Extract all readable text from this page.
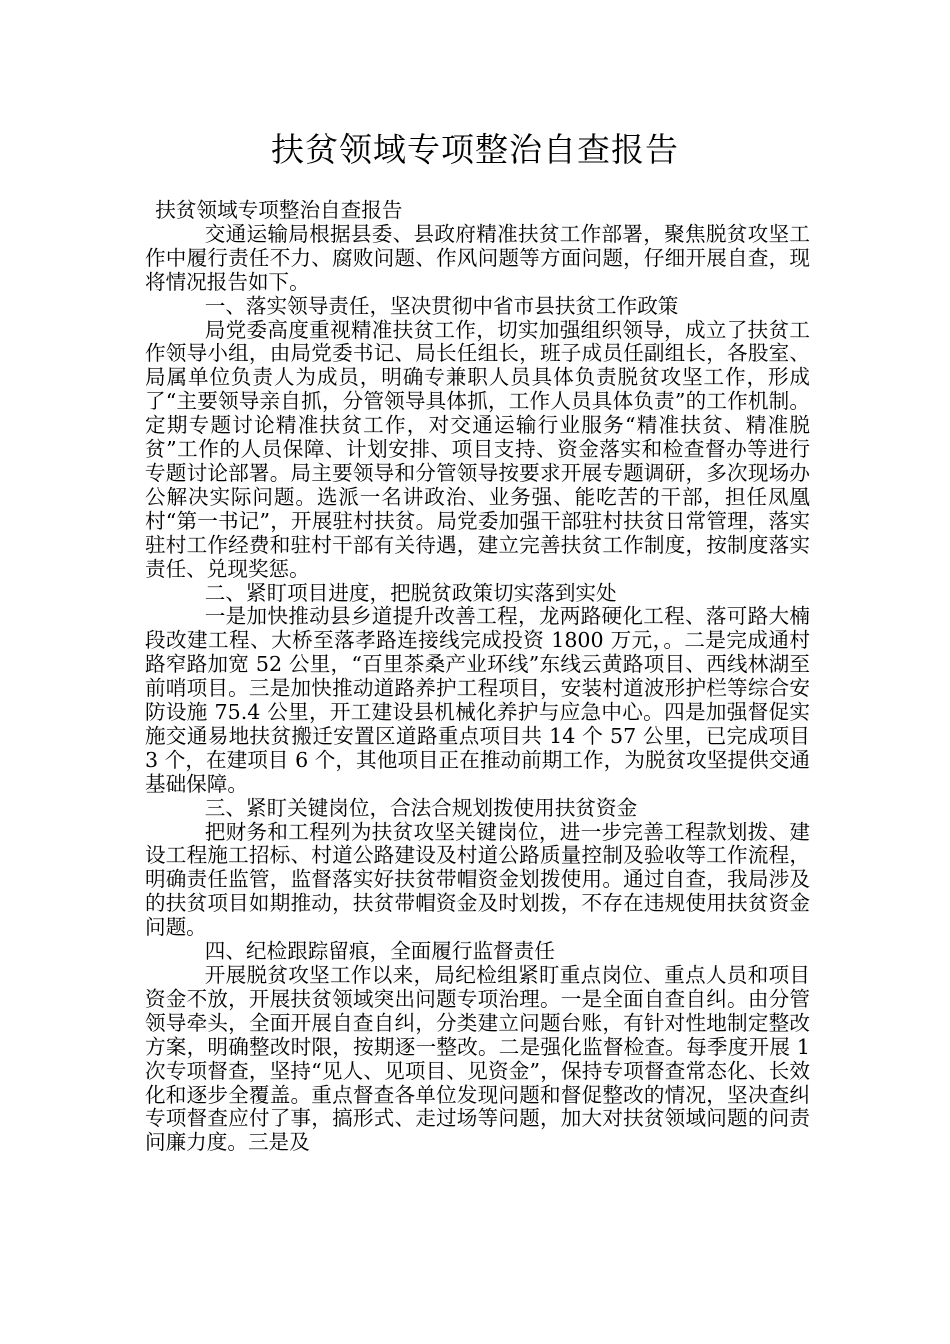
扶贫领域专项整治自查报告

扶贫领域专项整治自查报告

交通运输局根据县委、县政府精准扶贫工作部署，聚焦脱贫攻坚工作中履行责任不力、腐败问题、作风问题等方面问题，仔细开展自查，现将情况报告如下。

一、落实领导责任，坚决贯彻中省市县扶贫工作政策

局党委高度重视精准扶贫工作，切实加强组织领导，成立了扶贫工作领导小组，由局党委书记、局长任组长，班子成员任副组长，各股室、局属单位负责人为成员，明确专兼职人员具体负责脱贫攻坚工作，形成了“主要领导亲自抓，分管领导具体抓，工作人员具体负责”的工作机制。定期专题讨论精准扶贫工作，对交通运输行业服务“精准扶贫、精准脱贫”工作的人员保障、计划安排、项目支持、资金落实和检查督办等进行专题讨论部署。局主要领导和分管领导按要求开展专题调研，多次现场办公解决实际问题。选派一名讲政治、业务强、能吃苦的干部，担任凤凰村“第一书记”，开展驻村扶贫。局党委加强干部驻村扶贫日常管理，落实驻村工作经费和驻村干部有关待遇，建立完善扶贫工作制度，按制度落实责任、兑现奖惩。

二、紧盯项目进度，把脱贫政策切实落到实处

一是加快推动县乡道提升改善工程，龙两路硬化工程、落可路大楠段改建工程、大桥至落孝路连接线完成投资 1800 万元，。二是完成通村路窄路加宽 52 公里，“百里茶桑产业环线”东线云黄路项目、西线林湖至前哨项目。三是加快推动道路养护工程项目，安装村道波形护栏等综合安防设施 75.4 公里，开工建设县机械化养护与应急中心。四是加强督促实施交通易地扶贫搬迁安置区道路重点项目共 14 个 57 公里，已完成项目 3 个，在建项目 6 个，其他项目正在推动前期工作，为脱贫攻坚提供交通基础保障。

三、紧盯关键岗位，合法合规划拨使用扶贫资金

把财务和工程列为扶贫攻坚关键岗位，进一步完善工程款划拨、建设工程施工招标、村道公路建设及村道公路质量控制及验收等工作流程，明确责任监管，监督落实好扶贫带帽资金划拨使用。通过自查，我局涉及的扶贫项目如期推动，扶贫带帽资金及时划拨，不存在违规使用扶贫资金问题。

四、纪检跟踪留痕，全面履行监督责任

开展脱贫攻坚工作以来，局纪检组紧盯重点岗位、重点人员和项目资金不放，开展扶贫领域突出问题专项治理。一是全面自查自纠。由分管领导牵头，全面开展自查自纠，分类建立问题台账，有针对性地制定整改方案，明确整改时限，按期逐一整改。二是强化监督检查。每季度开展 1 次专项督查，坚持“见人、见项目、见资金”，保持专项督查常态化、长效化和逐步全覆盖。重点督查各单位发现问题和督促整改的情况，坚决查纠专项督查应付了事，搞形式、走过场等问题，加大对扶贫领域问题的问责问廉力度。三是及
